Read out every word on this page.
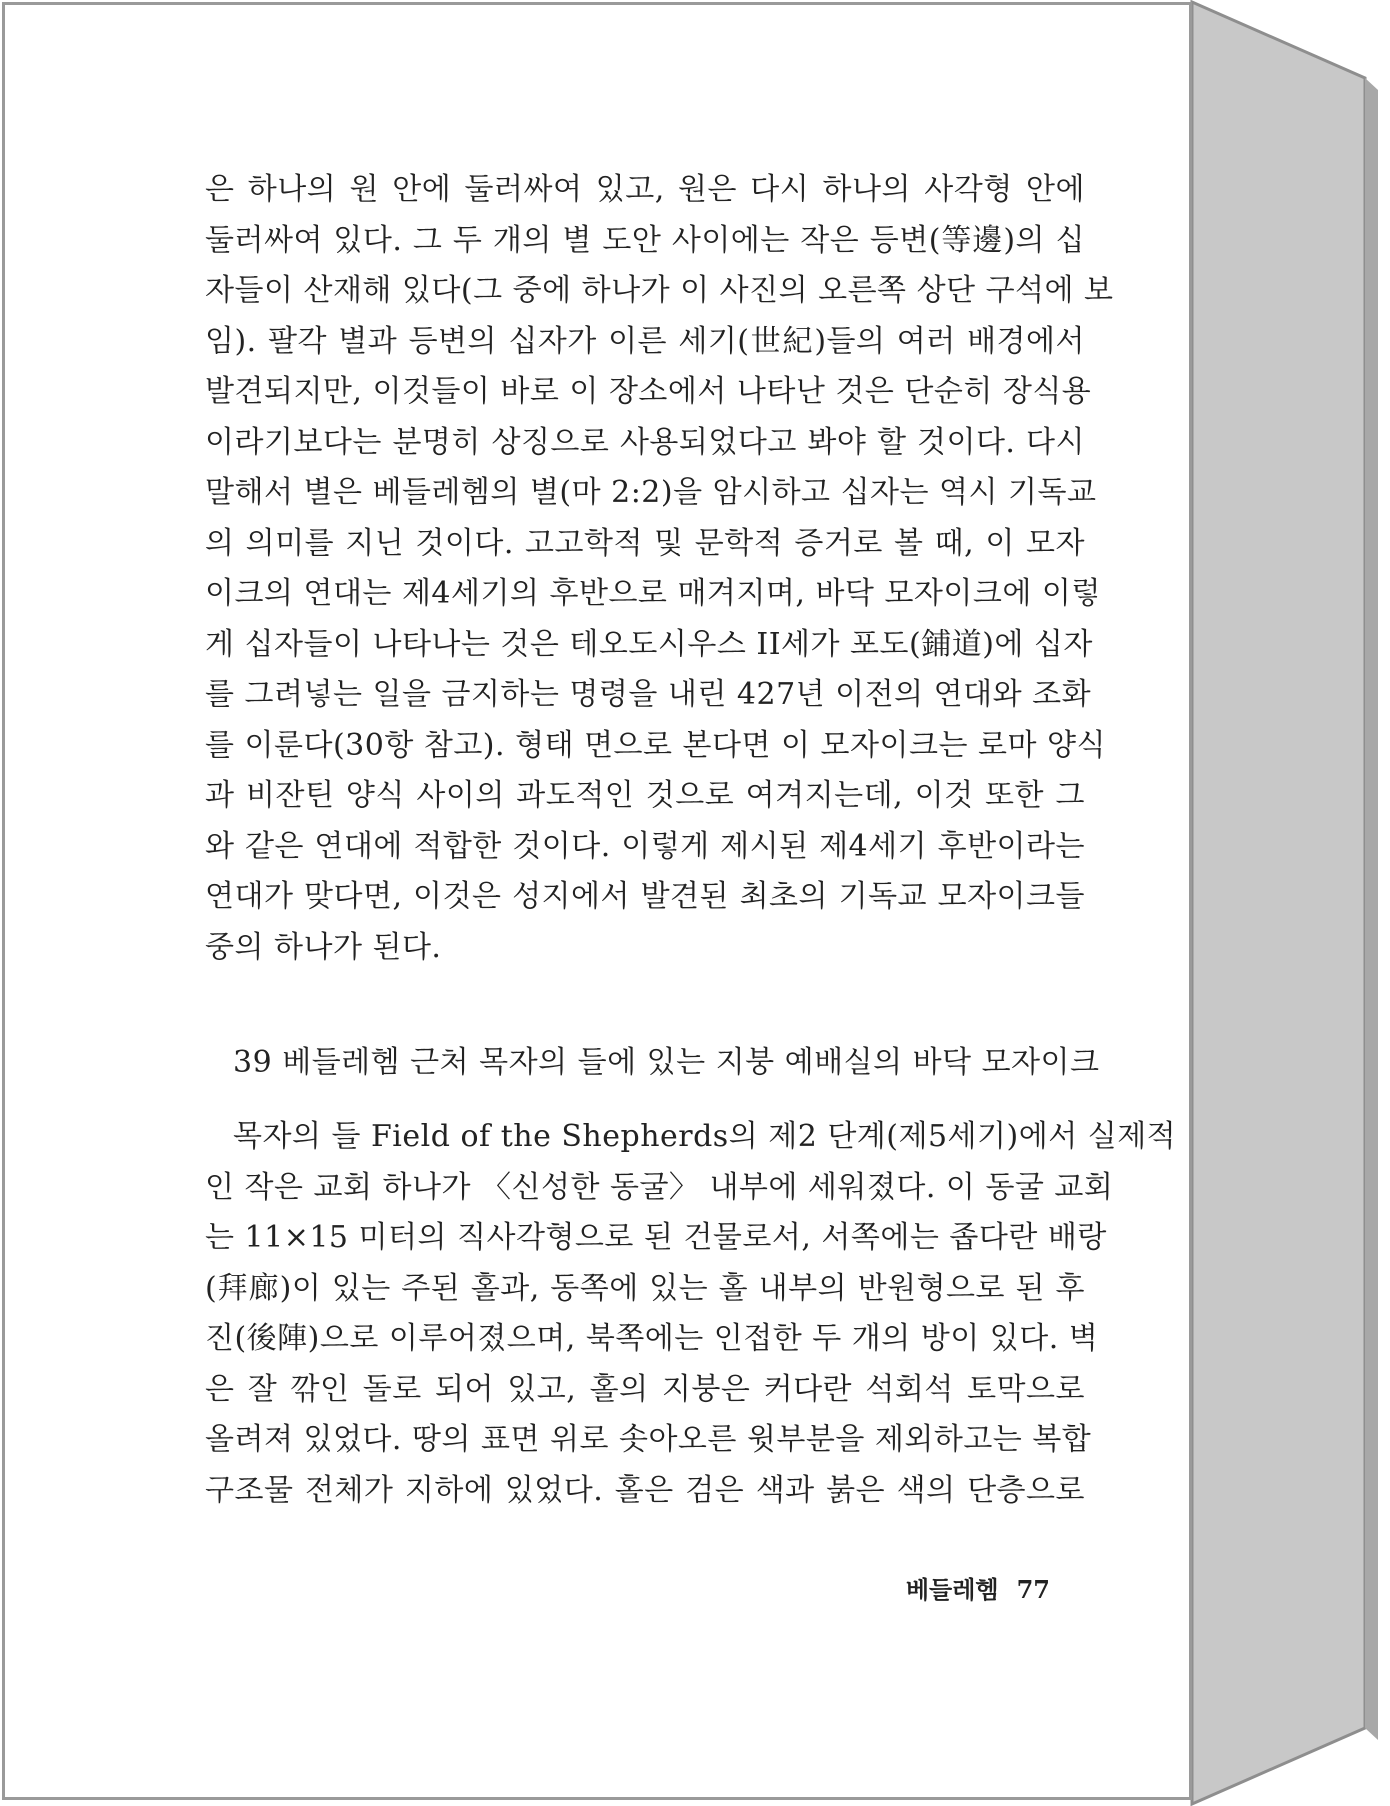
은 하나의 원 안에 둘러싸여 있고, 원은 다시 하나의 사각형 안에
둘러싸여 있다. 그 두 개의 별 도안 사이에는 작은 등변(等邊)의 십
자들이 산재해 있다(그 중에 하나가 이 사진의 오른쪽 상단 구석에 보
임). 팔각 별과 등변의 십자가 이른 세기(世紀)들의 여러 배경에서
발견되지만, 이것들이 바로 이 장소에서 나타난 것은 단순히 장식용
이라기보다는 분명히 상징으로 사용되었다고 봐야 할 것이다. 다시
말해서 별은 베들레헴의 별(마 2:2)을 암시하고 십자는 역시 기독교
의 의미를 지닌 것이다. 고고학적 및 문학적 증거로 볼 때, 이 모자
이크의 연대는 제4세기의 후반으로 매겨지며, 바닥 모자이크에 이렇
게 십자들이 나타나는 것은 테오도시우스 II세가 포도(鋪道)에 십자
를 그려넣는 일을 금지하는 명령을 내린 427년 이전의 연대와 조화
를 이룬다(30항 참고). 형태 면으로 본다면 이 모자이크는 로마 양식
과 비잔틴 양식 사이의 과도적인 것으로 여겨지는데, 이것 또한 그
와 같은 연대에 적합한 것이다. 이렇게 제시된 제4세기 후반이라는
연대가 맞다면, 이것은 성지에서 발견된 최초의 기독교 모자이크들
중의 하나가 된다.
39 베들레헴 근처 목자의 들에 있는 지붕 예배실의 바닥 모자이크
목자의 들 Field of the Shepherds의 제2 단계(제5세기)에서 실제적
인 작은 교회 하나가 〈신성한 동굴〉 내부에 세워졌다. 이 동굴 교회
는 11×15 미터의 직사각형으로 된 건물로서, 서쪽에는 좁다란 배랑
(拜廊)이 있는 주된 홀과, 동쪽에 있는 홀 내부의 반원형으로 된 후
진(後陣)으로 이루어졌으며, 북쪽에는 인접한 두 개의 방이 있다. 벽
은 잘 깎인 돌로 되어 있고, 홀의 지붕은 커다란 석회석 토막으로
올려져 있었다. 땅의 표면 위로 솟아오른 윗부분을 제외하고는 복합
구조물 전체가 지하에 있었다. 홀은 검은 색과 붉은 색의 단층으로
베들레헴 77
